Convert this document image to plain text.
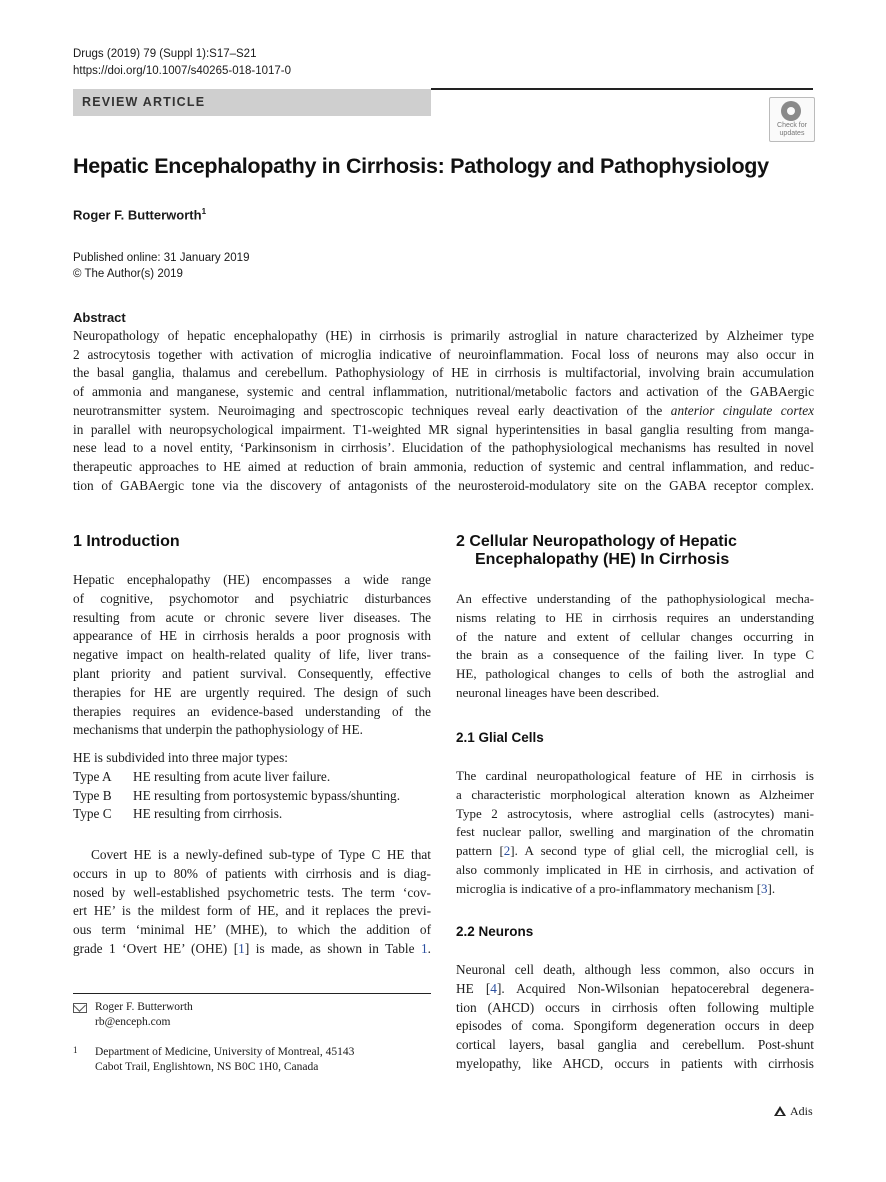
Drugs (2019) 79 (Suppl 1):S17–S21
https://doi.org/10.1007/s40265-018-1017-0
REVIEW ARTICLE
Check for
updates
Hepatic Encephalopathy in Cirrhosis: Pathology and Pathophysiology
Roger F. Butterworth$^1$
Published online: 31 January 2019
© The Author(s) 2019
Abstract
Neuropathology of hepatic encephalopathy (HE) in cirrhosis is primarily astroglial in nature characterized by Alzheimer type
2 astrocytosis together with activation of microglia indicative of neuroinflammation. Focal loss of neurons may also occur in
the basal ganglia, thalamus and cerebellum. Pathophysiology of HE in cirrhosis is multifactorial, involving brain accumulation
of ammonia and manganese, systemic and central inflammation, nutritional/metabolic factors and activation of the GABAergic
neurotransmitter system. Neuroimaging and spectroscopic techniques reveal early deactivation of the anterior cingulate cortex
in parallel with neuropsychological impairment. T1-weighted MR signal hyperintensities in basal ganglia resulting from manga-
nese lead to a novel entity, ‘Parkinsonism in cirrhosis’. Elucidation of the pathophysiological mechanisms has resulted in novel
therapeutic approaches to HE aimed at reduction of brain ammonia, reduction of systemic and central inflammation, and reduc-
tion of GABAergic tone via the discovery of antagonists of the neurosteroid-modulatory site on the GABA receptor complex.
1 Introduction
Hepatic encephalopathy (HE) encompasses a wide range
of cognitive, psychomotor and psychiatric disturbances
resulting from acute or chronic severe liver diseases. The
appearance of HE in cirrhosis heralds a poor prognosis with
negative impact on health-related quality of life, liver trans-
plant priority and patient survival. Consequently, effective
therapies for HE are urgently required. The design of such
therapies requires an evidence-based understanding of the
mechanisms that underpin the pathophysiology of HE.
HE is subdivided into three major types:
Type A	HE resulting from acute liver failure.
Type B	HE resulting from portosystemic bypass/shunting.
Type C	HE resulting from cirrhosis.
Covert HE is a newly-defined sub-type of Type C HE that
occurs in up to 80% of patients with cirrhosis and is diag-
nosed by well-established psychometric tests. The term ‘cov-
ert HE’ is the mildest form of HE, and it replaces the previ-
ous term ‘minimal HE’ (MHE), to which the addition of
grade 1 ‘Overt HE’ (OHE) [1] is made, as shown in Table 1.
Roger F. Butterworth
rb@enceph.com
1 Department of Medicine, University of Montreal, 45143
Cabot Trail, Englishtown, NS B0C 1H0, Canada
2 Cellular Neuropathology of Hepatic
Encephalopathy (HE) In Cirrhosis
An effective understanding of the pathophysiological mecha-
nisms relating to HE in cirrhosis requires an understanding
of the nature and extent of cellular changes occurring in
the brain as a consequence of the failing liver. In type C
HE, pathological changes to cells of both the astroglial and
neuronal lineages have been described.
2.1 Glial Cells
The cardinal neuropathological feature of HE in cirrhosis is
a characteristic morphological alteration known as Alzheimer
Type 2 astrocytosis, where astroglial cells (astrocytes) mani-
fest nuclear pallor, swelling and margination of the chromatin
pattern [2]. A second type of glial cell, the microglial cell, is
also commonly implicated in HE in cirrhosis, and activation of
microglia is indicative of a pro-inflammatory mechanism [3].
2.2 Neurons
Neuronal cell death, although less common, also occurs in
HE [4]. Acquired Non-Wilsonian hepatocerebral degenera-
tion (AHCD) occurs in cirrhosis often following multiple
episodes of coma. Spongiform degeneration occurs in deep
cortical layers, basal ganglia and cerebellum. Post-shunt
myelopathy, like AHCD, occurs in patients with cirrhosis
Adis
